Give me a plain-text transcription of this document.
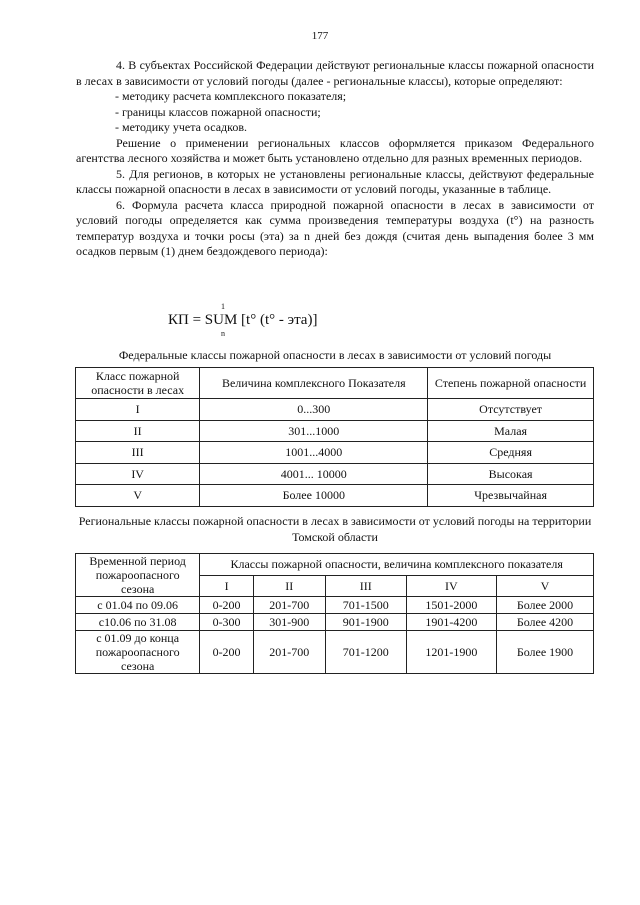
177

4. В субъектах Российской Федерации действуют региональные классы пожарной опасности в лесах в зависимости от условий погоды (далее - региональные классы), которые определяют:

- методику расчета комплексного показателя;

- границы классов пожарной опасности;

- методику учета осадков.

Решение о применении региональных классов оформляется приказом Федерального агентства лесного хозяйства и может быть установлено отдельно для разных временных периодов.

5. Для регионов, в которых не установлены региональные классы, действуют федеральные классы пожарной опасности в лесах в зависимости от условий погоды, указанные в таблице.

6. Формула расчета класса природной пожарной опасности в лесах в зависимости от условий погоды определяется как сумма произведения температуры воздуха (t°) на разность температур воздуха и точки росы (эта) за n дней без дождя (считая день выпадения более 3 мм осадков первым (1) днем бездождевого периода):

1
КП = SUM [t° (t° - эта)]
n
Федеральные классы пожарной опасности в лесах в зависимости от условий погоды
Класс пожарной опасности в лесах	Величина комплексного Показателя	Степень пожарной опасности
I	0...300	Отсутствует
II	301...1000	Малая
III	1001...4000	Средняя
IV	4001... 10000	Высокая
V	Более 10000	Чрезвычайная
Региональные классы пожарной опасности в лесах в зависимости от условий погоды на территории Томской области
Временной период пожароопасного сезона	Классы пожарной опасности, величина комплексного показателя				
	I	II	III	IV	V
с 01.04 по 09.06	0-200	201-700	701-1500	1501-2000	Более 2000
с10.06 по 31.08	0-300	301-900	901-1900	1901-4200	Более 4200
с 01.09 до конца пожароопасного сезона	0-200	201-700	701-1200	1201-1900	Более 1900
